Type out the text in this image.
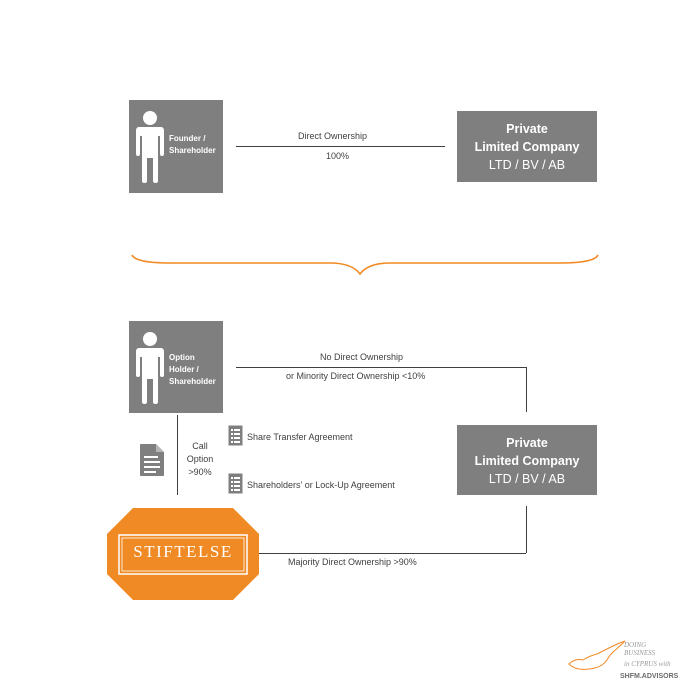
Founder /
Shareholder
Direct Ownership
100%
Private
Limited Company
LTD / BV / AB
Option
Holder /
Shareholder
No Direct Ownership
or Minority Direct Ownership <10%
Call
Option
>90%
Share Transfer Agreement
Shareholders’ or Lock-Up Agreement
Private
Limited Company
LTD / BV / AB
STIFTELSE
Majority Direct Ownership >90%
DOING
BUSINESS
in CYPRUS with
SHFM.ADVISORS
